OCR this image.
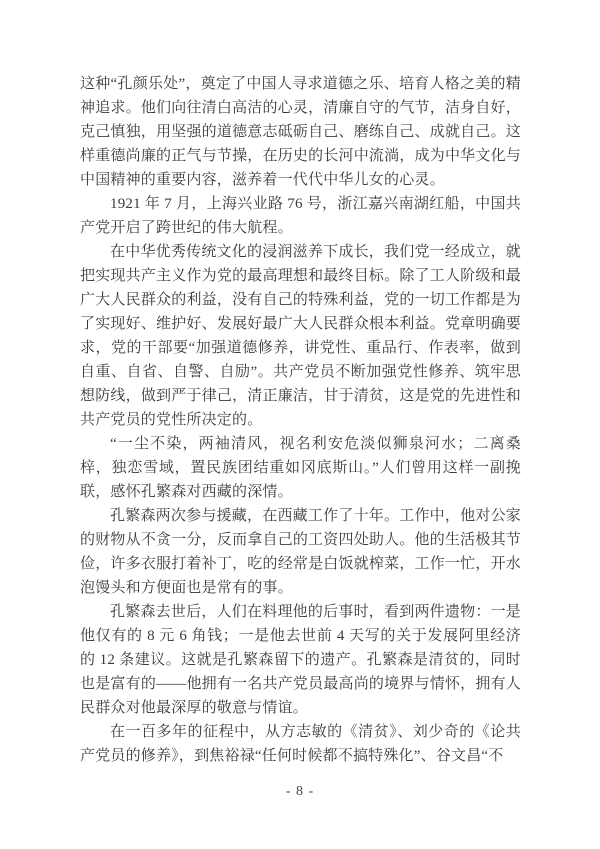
这种“孔颜乐处”，奠定了中国人寻求道德之乐、培育人格之美的精神追求。他们向往清白高洁的心灵，清廉自守的气节，洁身自好，克己慎独，用坚强的道德意志砥砺自己、磨练自己、成就自己。这样重德尚廉的正气与节操，在历史的长河中流淌，成为中华文化与中国精神的重要内容，滋养着一代代中华儿女的心灵。

1921 年 7 月，上海兴业路 76 号，浙江嘉兴南湖红船，中国共产党开启了跨世纪的伟大航程。

在中华优秀传统文化的浸润滋养下成长，我们党一经成立，就把实现共产主义作为党的最高理想和最终目标。除了工人阶级和最广大人民群众的利益，没有自己的特殊利益，党的一切工作都是为了实现好、维护好、发展好最广大人民群众根本利益。党章明确要求，党的干部要“加强道德修养，讲党性、重品行、作表率，做到自重、自省、自警、自励”。共产党员不断加强党性修养、筑牢思想防线，做到严于律己，清正廉洁，甘于清贫，这是党的先进性和共产党员的党性所决定的。

“一尘不染，两袖清风，视名利安危淡似狮泉河水；二离桑梓，独恋雪域，置民族团结重如冈底斯山。”人们曾用这样一副挽联，感怀孔繁森对西藏的深情。

孔繁森两次参与援藏，在西藏工作了十年。工作中，他对公家的财物从不贪一分，反而拿自己的工资四处助人。他的生活极其节俭，许多衣服打着补丁，吃的经常是白饭就榨菜，工作一忙，开水泡馒头和方便面也是常有的事。

孔繁森去世后，人们在料理他的后事时，看到两件遗物：一是他仅有的 8 元 6 角钱；一是他去世前 4 天写的关于发展阿里经济的 12 条建议。这就是孔繁森留下的遗产。孔繁森是清贫的，同时也是富有的——他拥有一名共产党员最高尚的境界与情怀，拥有人民群众对他最深厚的敬意与情谊。

在一百多年的征程中，从方志敏的《清贫》、刘少奇的《论共产党员的修养》，到焦裕禄“任何时候都不搞特殊化”、谷文昌“不

- 8 -
